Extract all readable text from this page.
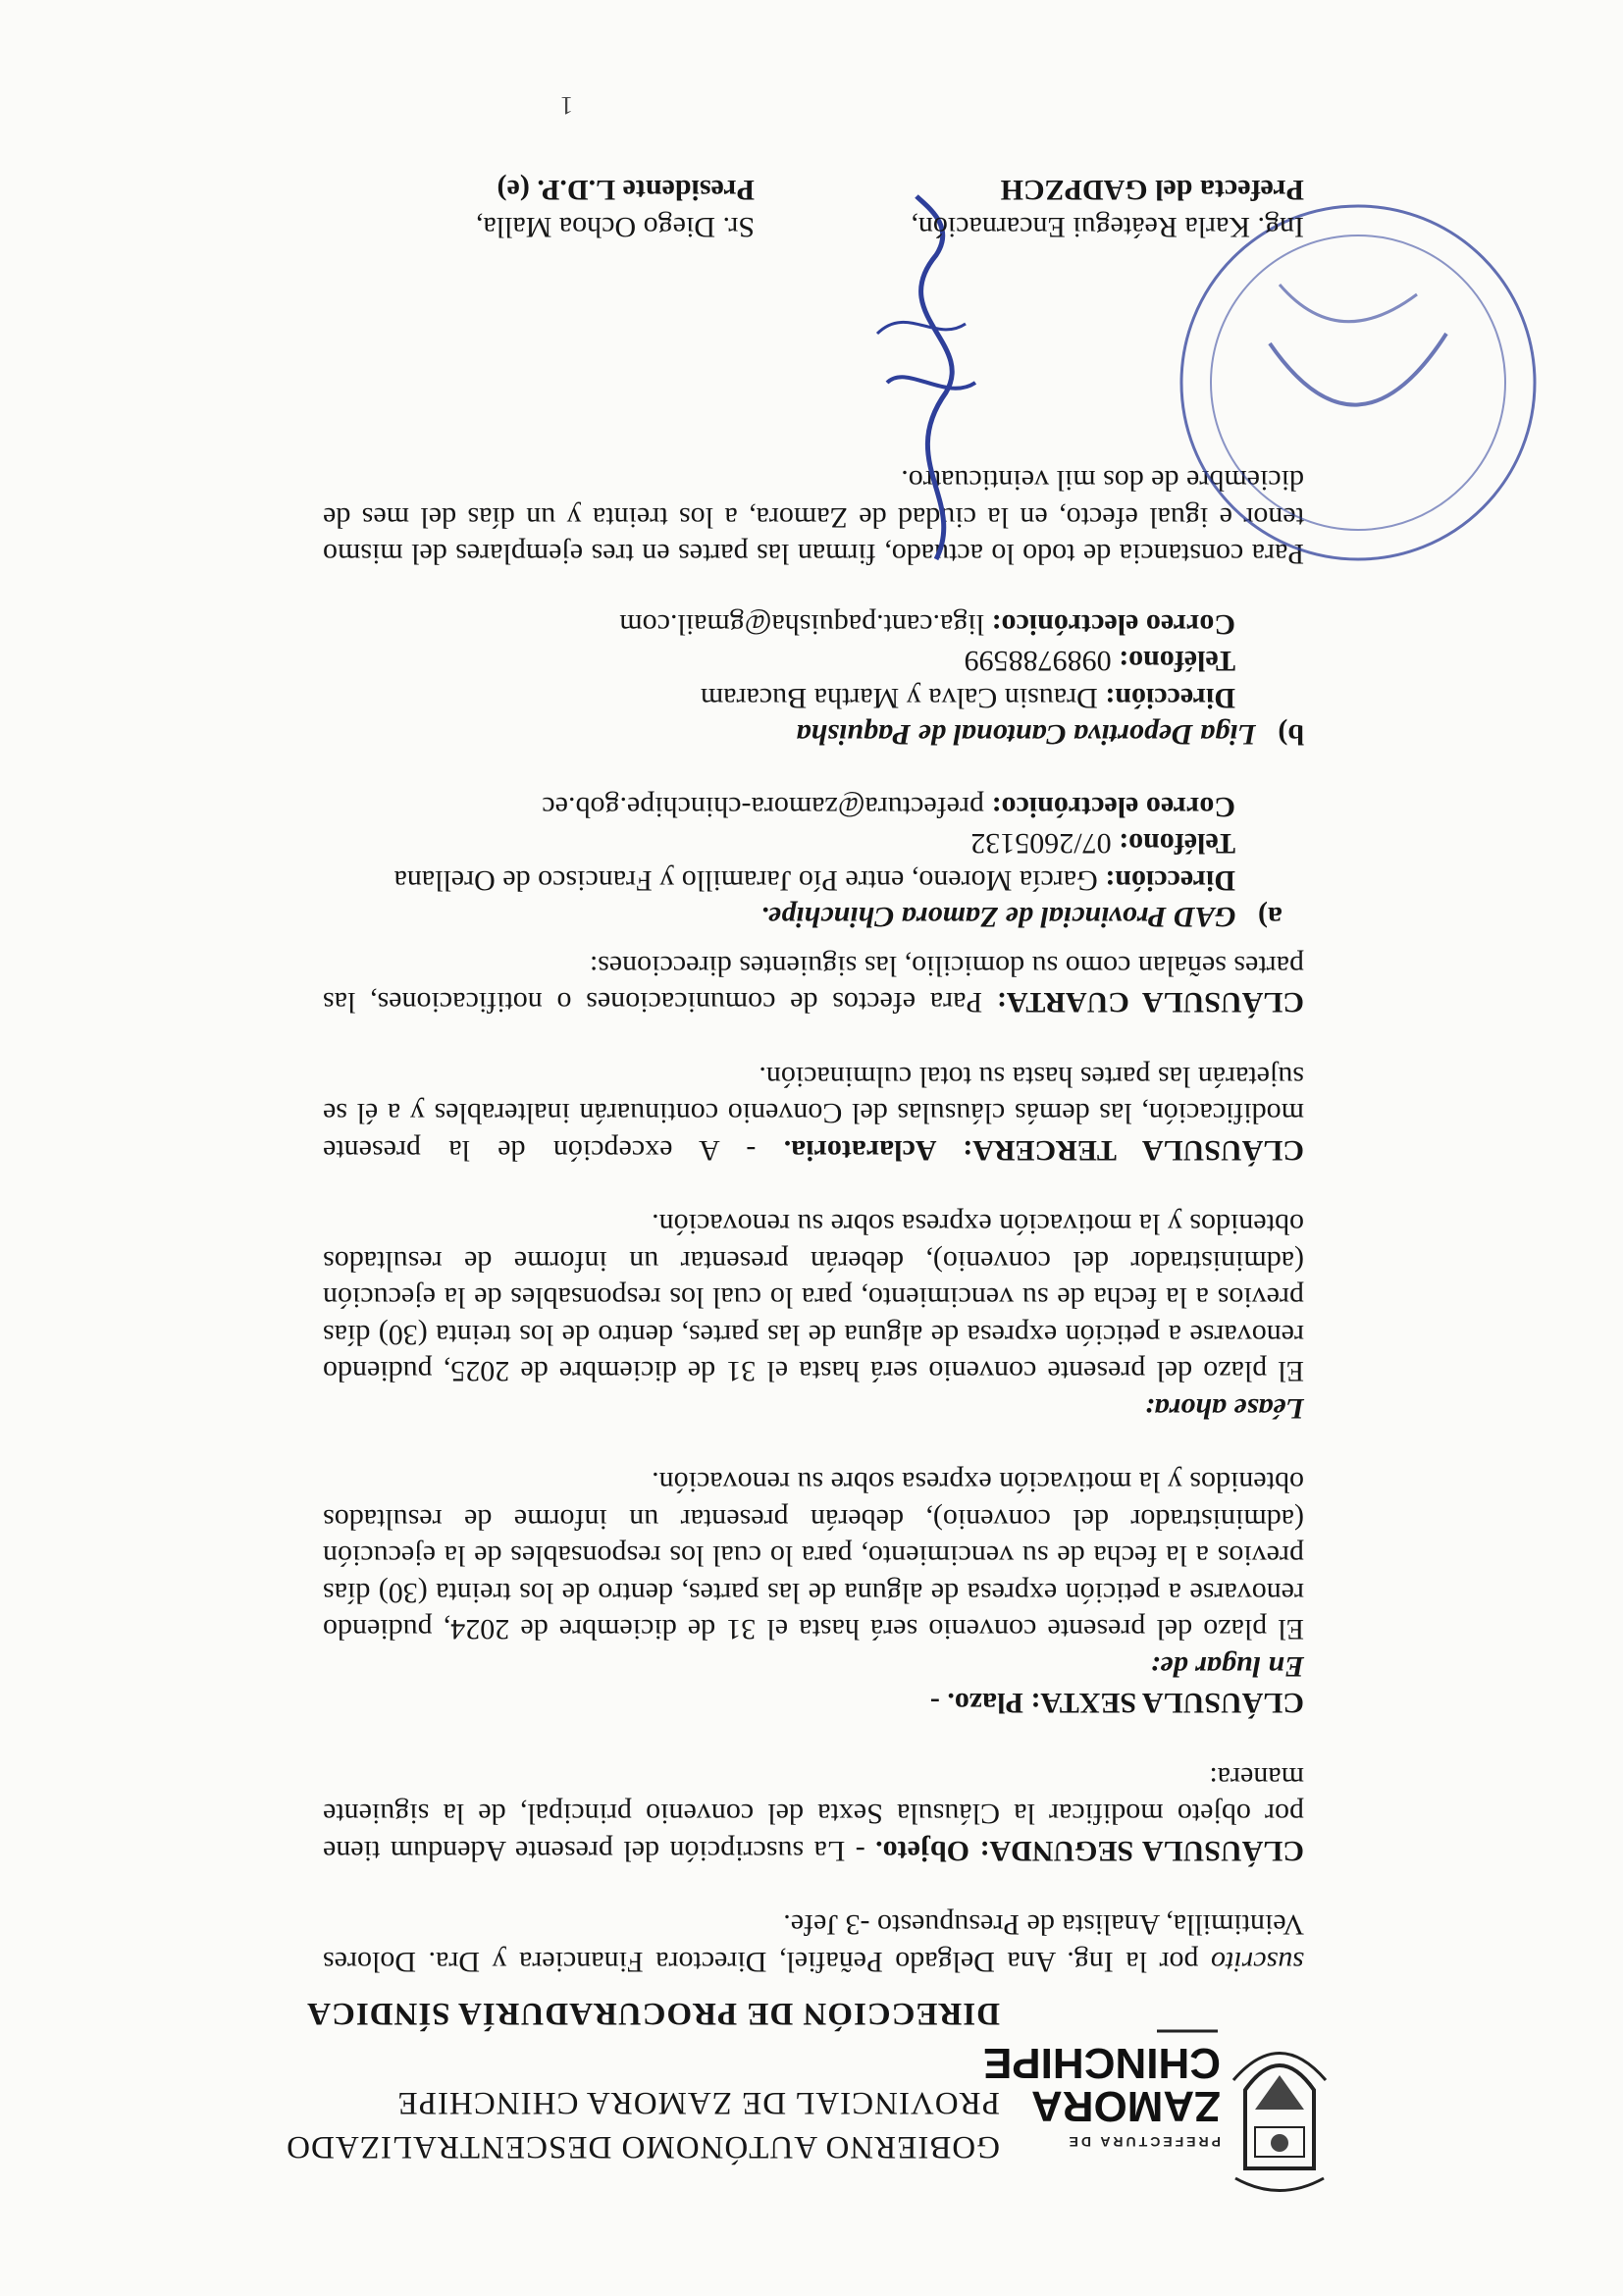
PREFECTURA DE
ZAMORA
CHINCHIPE
GOBIERNO AUTÓNOMO DESCENTRALIZADO
PROVINCIAL DE ZAMORA CHINCHIPE
DIRECCIÓN DE PROCURADURÍA SÍNDICA

suscrito por la Ing. Ana Delgado Peñafiel, Directora Financiera y Dra. Dolores Veintimilla, Analista de Presupuesto -3 Jefe.

CLÁUSULA SEGUNDA: Objeto. - La suscripción del presente Adendum tiene por objeto modificar la Cláusula Sexta del convenio principal, de la siguiente manera:

CLÁUSULA SEXTA: Plazo. -

En lugar de:

El plazo del presente convenio será hasta el 31 de diciembre de 2024, pudiendo renovarse a petición expresa de alguna de las partes, dentro de los treinta (30) días previos a la fecha de su vencimiento, para lo cual los responsables de la ejecución (administrador del convenio), deberán presentar un informe de resultados obtenidos y la motivación expresa sobre su renovación.

Léase ahora:

El plazo del presente convenio será hasta el 31 de diciembre de 2025, pudiendo renovarse a petición expresa de alguna de las partes, dentro de los treinta (30) días previos a la fecha de su vencimiento, para lo cual los responsables de la ejecución (administrador del convenio), deberán presentar un informe de resultados obtenidos y la motivación expresa sobre su renovación.

CLÁUSULA TERCERA: Aclaratoria. - A excepción de la presente modificación, las demás cláusulas del Convenio continuarán inalterables y a él se sujetarán las partes hasta su total culminación.

CLÁUSULA CUARTA: Para efectos de comunicaciones o notificaciones, las partes señalan como su domicilio, las siguientes direcciones:

a)   GAD Provincial de Zamora Chinchipe.

Dirección: García Moreno, entre Pío Jaramillo y Francisco de Orellana

Teléfono: 07/2605132

Correo electrónico: prefectura@zamora-chinchipe.gob.ec

b)   Liga Deportiva Cantonal de Paquisha

Dirección: Drausin Calva y Martha Bucaram

Teléfono: 0989788599

Correo electrónico: liga.cant.paquisha@gmail.com

Para constancia de todo lo actuado, firman las partes en tres ejemplares del mismo tenor e igual efecto, en la ciudad de Zamora, a los treinta y un días del mes de diciembre de dos mil veinticuatro.

Ing. Karla Reátegui Encarnación,
Prefecta del GADPZCH
Sr. Diego Ochoa Malla,
Presidente L.D.P. (e)
1
